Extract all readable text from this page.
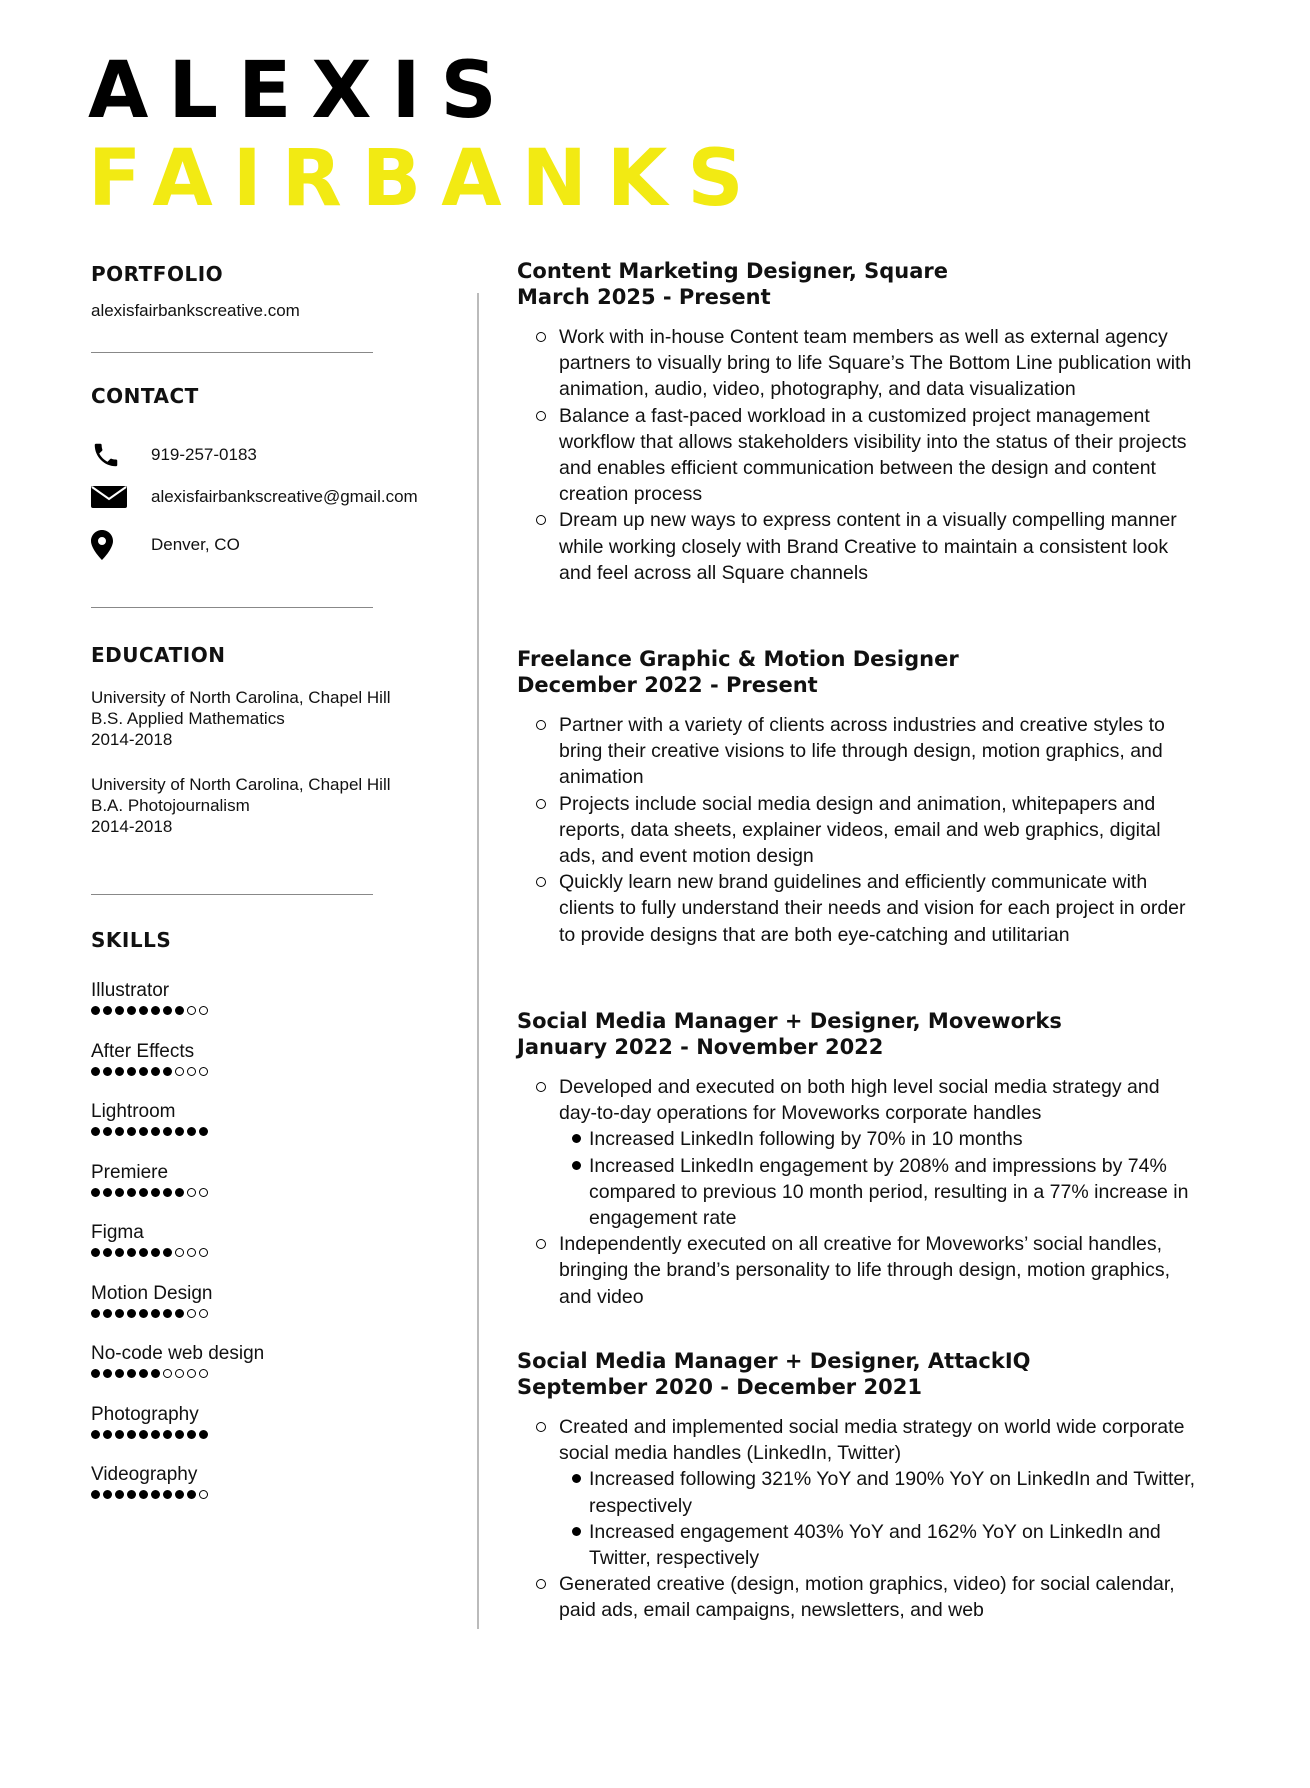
ALEXIS
FAIRBANKS
PORTFOLIO
alexisfairbankscreative.com
CONTACT
919-257-0183
alexisfairbankscreative@gmail.com
Denver, CO
EDUCATION
University of North Carolina, Chapel Hill
B.S. Applied Mathematics
2014-2018
University of North Carolina, Chapel Hill
B.A. Photojournalism
2014-2018
SKILLS
Illustrator
After Effects
Lightroom
Premiere
Figma
Motion Design
No-code web design
Photography
Videography
Content Marketing Designer, Square
March 2025 - Present
Work with in-house Content team members as well as external agency partners to visually bring to life Square’s The Bottom Line publication with animation, audio, video, photography, and data visualization
Balance a fast-paced workload in a customized project management workflow that allows stakeholders visibility into the status of their projects and enables efficient communication between the design and content creation process
Dream up new ways to express content in a visually compelling manner while working closely with Brand Creative to maintain a consistent look and feel across all Square channels
Freelance Graphic & Motion Designer
December 2022 - Present
Partner with a variety of clients across industries and creative styles to bring their creative visions to life through design, motion graphics, and animation
Projects include social media design and animation, whitepapers and reports, data sheets, explainer videos, email and web graphics, digital ads, and event motion design
Quickly learn new brand guidelines and efficiently communicate with clients to fully understand their needs and vision for each project in order to provide designs that are both eye-catching and utilitarian
Social Media Manager + Designer, Moveworks
January 2022 - November 2022
Developed and executed on both high level social media strategy and day-to-day operations for Moveworks corporate handles
Increased LinkedIn following by 70% in 10 months
Increased LinkedIn engagement by 208% and impressions by 74% compared to previous 10 month period, resulting in a 77% increase in engagement rate
Independently executed on all creative for Moveworks’ social handles, bringing the brand’s personality to life through design, motion graphics, and video
Social Media Manager + Designer, AttackIQ
September 2020 - December 2021
Created and implemented social media strategy on world wide corporate social media handles (LinkedIn, Twitter)
Increased following 321% YoY and 190% YoY on LinkedIn and Twitter, respectively
Increased engagement 403% YoY and 162% YoY on LinkedIn and Twitter, respectively
Generated creative (design, motion graphics, video) for social calendar, paid ads, email campaigns, newsletters, and web
